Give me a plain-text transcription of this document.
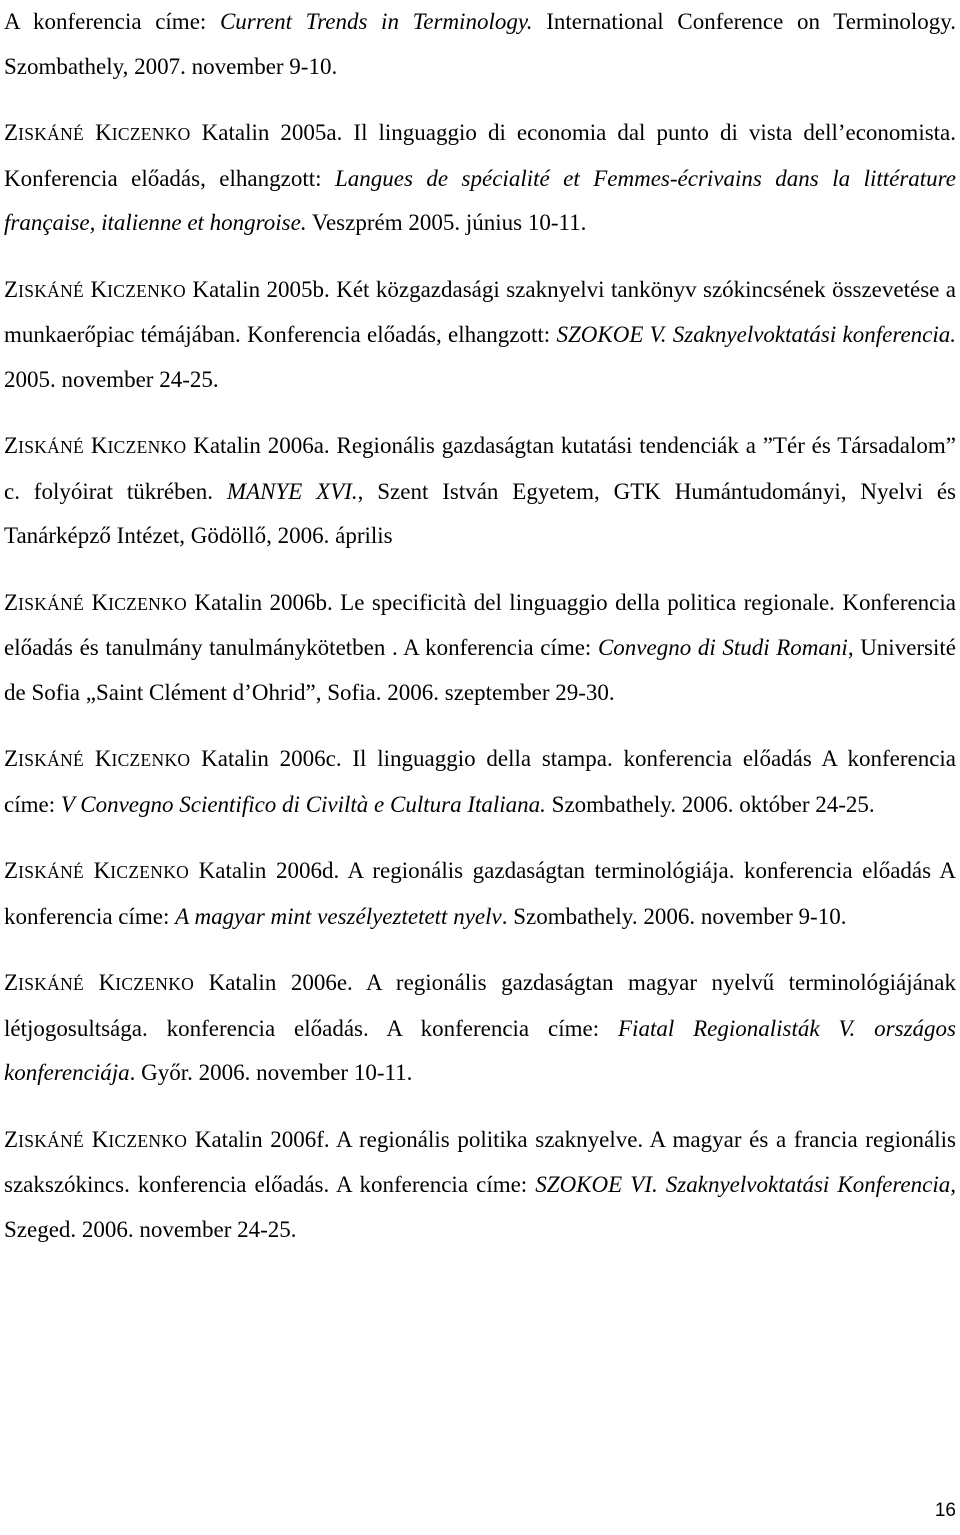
A konferencia címe: Current Trends in Terminology. International Conference on Terminology. Szombathely, 2007. november 9-10.

ZISKÁNÉ KICZENKO Katalin 2005a. Il linguaggio di economia dal punto di vista dell’economista. Konferencia előadás, elhangzott: Langues de spécialité et Femmes-écrivains dans la littérature française, italienne et hongroise. Veszprém 2005. június 10-11.

ZISKÁNÉ KICZENKO Katalin 2005b. Két közgazdasági szaknyelvi tankönyv szókincsének összevetése a munkaerőpiac témájában. Konferencia előadás, elhangzott: SZOKOE V. Szaknyelvoktatási konferencia. 2005. november 24-25.

ZISKÁNÉ KICZENKO Katalin 2006a. Regionális gazdaságtan kutatási tendenciák a ”Tér és Társadalom” c. folyóirat tükrében. MANYE XVI., Szent István Egyetem, GTK Humántudományi, Nyelvi és Tanárképző Intézet, Gödöllő, 2006. április

ZISKÁNÉ KICZENKO Katalin 2006b. Le specificità del linguaggio della politica regionale. Konferencia előadás és tanulmány tanulmánykötetben . A konferencia címe: Convegno di Studi Romani, Université de Sofia „Saint Clément d’Ohrid”, Sofia. 2006. szeptember 29-30.

ZISKÁNÉ KICZENKO Katalin 2006c. Il linguaggio della stampa. konferencia előadás A konferencia címe: V Convegno Scientifico di Civiltà e Cultura Italiana. Szombathely. 2006. október 24-25.

ZISKÁNÉ KICZENKO Katalin 2006d. A regionális gazdaságtan terminológiája. konferencia előadás A konferencia címe: A magyar mint veszélyeztetett nyelv. Szombathely. 2006. november 9-10.

ZISKÁNÉ KICZENKO Katalin 2006e. A regionális gazdaságtan magyar nyelvű terminológiájának létjogosultsága. konferencia előadás. A konferencia címe: Fiatal Regionalisták V. országos konferenciája. Győr. 2006. november 10-11.

ZISKÁNÉ KICZENKO Katalin 2006f. A regionális politika szaknyelve. A magyar és a francia regionális szakszókincs. konferencia előadás. A konferencia címe: SZOKOE VI. Szaknyelvoktatási Konferencia, Szeged. 2006. november 24-25.

16
